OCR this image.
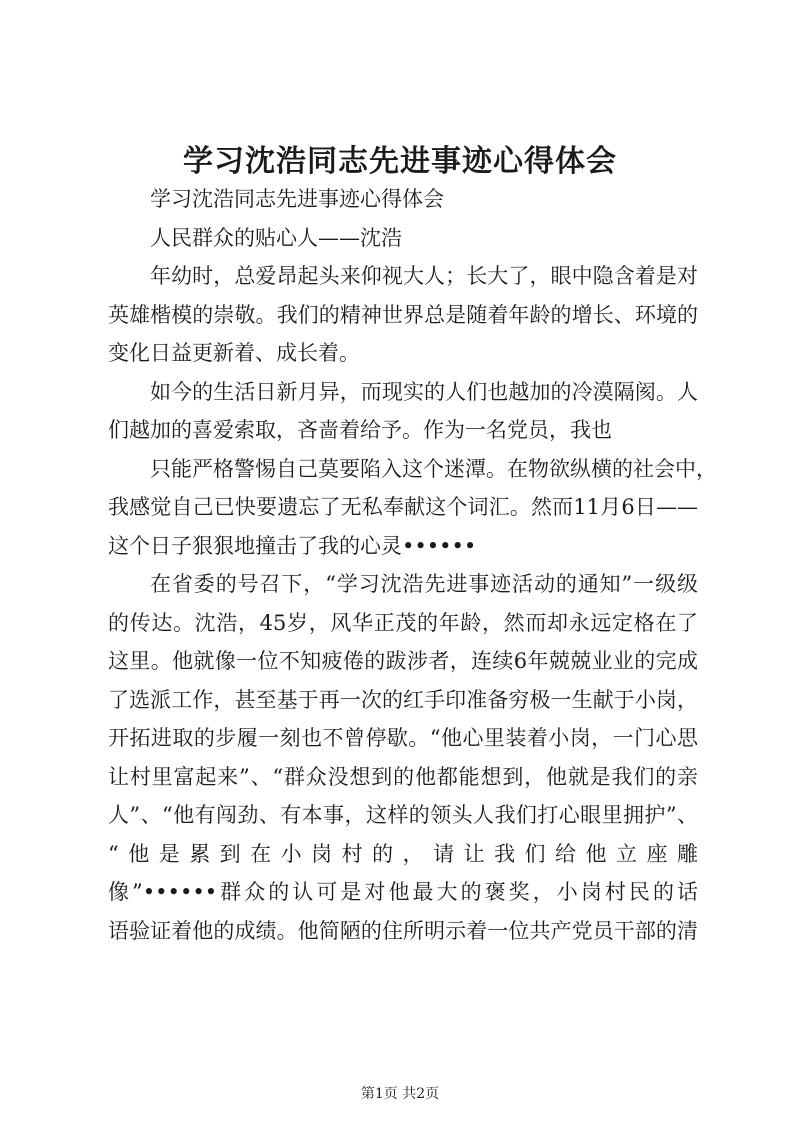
学习沈浩同志先进事迹心得体会
学习沈浩同志先进事迹心得体会
人民群众的贴心人——沈浩
年幼时，总爱昂起头来仰视大人；长大了，眼中隐含着是对
英雄楷模的崇敬。我们的精神世界总是随着年龄的增长、环境的
变化日益更新着、成长着。
如今的生活日新月异，而现实的人们也越加的冷漠隔阂。人
们越加的喜爱索取，吝啬着给予。作为一名党员，我也
只能严格警惕自己莫要陷入这个迷潭。在物欲纵横的社会中，
我感觉自己已快要遗忘了无私奉献这个词汇。然而11月6日——
这个日子狠狠地撞击了我的心灵••••••
在省委的号召下，“学习沈浩先进事迹活动的通知”一级级
的传达。沈浩，45岁，风华正茂的年龄，然而却永远定格在了
这里。他就像一位不知疲倦的跋涉者，连续6年兢兢业业的完成
了选派工作，甚至基于再一次的红手印准备穷极一生献于小岗，
开拓进取的步履一刻也不曾停歇。“他心里装着小岗，一门心思
让村里富起来”、“群众没想到的他都能想到，他就是我们的亲
人”、“他有闯劲、有本事，这样的领头人我们打心眼里拥护”、
“他是累到在小岗村的，请让我们给他立座雕
像”••••••群众的认可是对他最大的褒奖，小岗村民的话
语验证着他的成绩。他简陋的住所明示着一位共产党员干部的清
第1页 共2页
